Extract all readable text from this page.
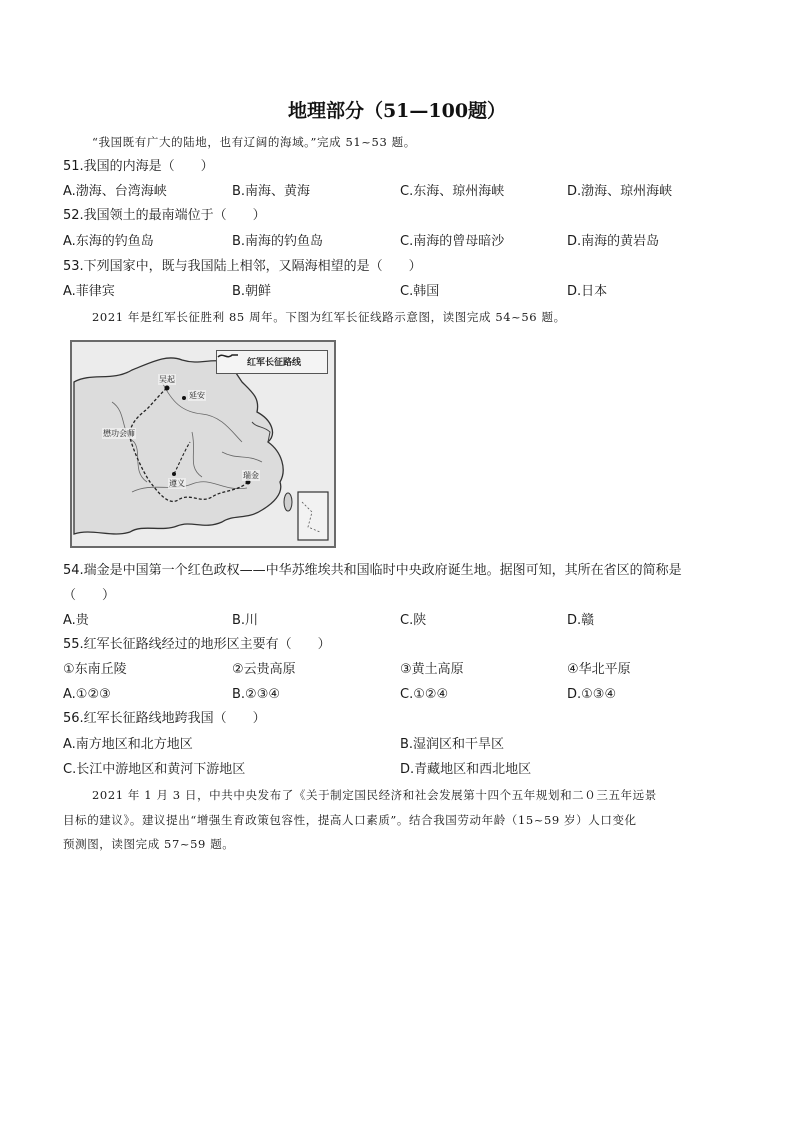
地理部分（51—100题）
“我国既有广大的陆地，也有辽阔的海域。”完成 51~53 题。
51.我国的内海是（　　）
A.渤海、台湾海峡	B.南海、黄海	C.东海、琼州海峡	D.渤海、琼州海峡
52.我国领土的最南端位于（　　）
A.东海的钓鱼岛	B.南海的钓鱼岛	C.南海的曾母暗沙	D.南海的黄岩岛
53.下列国家中，既与我国陆上相邻，又隔海相望的是（　　）
A.菲律宾	B.朝鲜	C.韩国	D.日本
2021 年是红军长征胜利 85 周年。下图为红军长征线路示意图，读图完成 54~56 题。
红军长征路线
吴起
延安
懋功会师
遵义
瑞金
54.瑞金是中国第一个红色政权——中华苏维埃共和国临时中央政府诞生地。据图可知，其所在省区的简称是
（　　）
A.贵	B.川	C.陕	D.赣
55.红军长征路线经过的地形区主要有（　　）
①东南丘陵	②云贵高原	③黄土高原	④华北平原
A.①②③	B.②③④	C.①②④	D.①③④
56.红军长征路线地跨我国（　　）
A.南方地区和北方地区	B.湿润区和干旱区
C.长江中游地区和黄河下游地区	D.青藏地区和西北地区
2021 年 1 月 3 日，中共中央发布了《关于制定国民经济和社会发展第十四个五年规划和二０三五年远景
目标的建议》。建议提出“增强生育政策包容性，提高人口素质”。结合我国劳动年龄（15~59 岁）人口变化
预测图，读图完成 57~59 题。
